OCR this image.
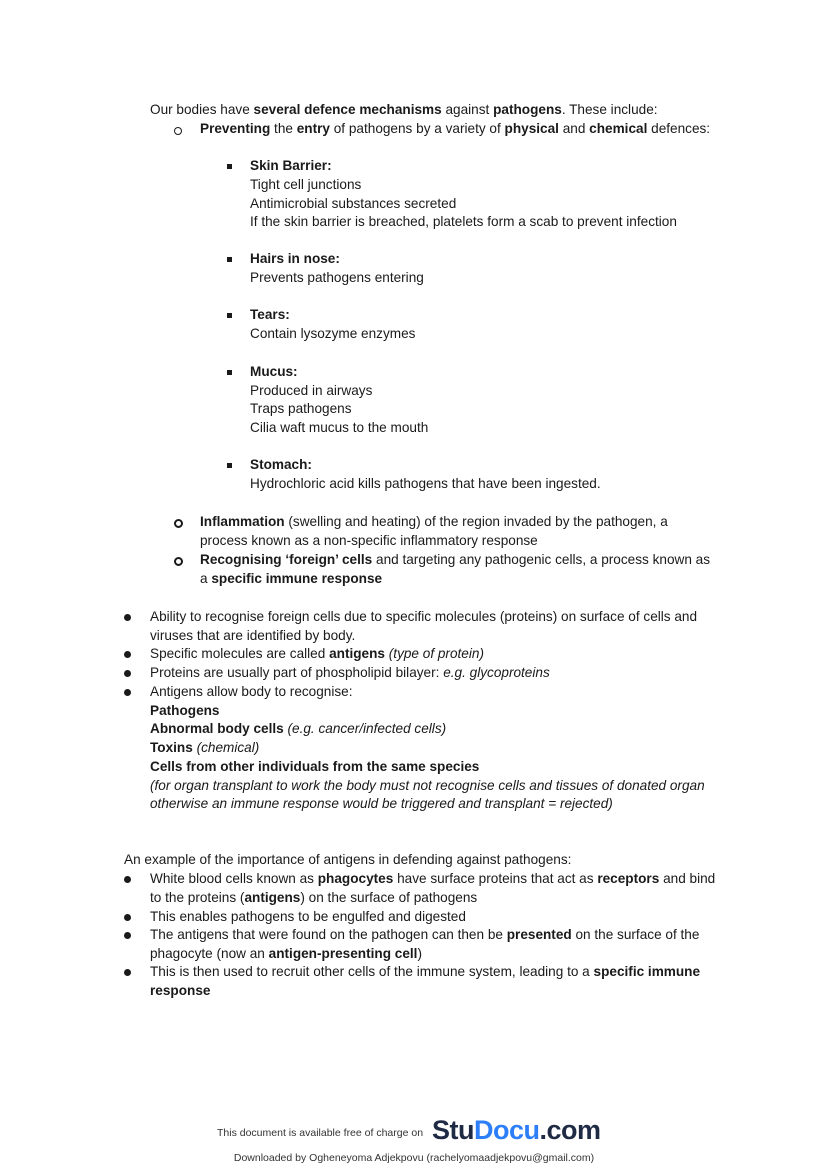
Our bodies have several defence mechanisms against pathogens. These include:
Preventing the entry of pathogens by a variety of physical and chemical defences:
Skin Barrier:
Tight cell junctions
Antimicrobial substances secreted
If the skin barrier is breached, platelets form a scab to prevent infection
Hairs in nose:
Prevents pathogens entering
Tears:
Contain lysozyme enzymes
Mucus:
Produced in airways
Traps pathogens
Cilia waft mucus to the mouth
Stomach:
Hydrochloric acid kills pathogens that have been ingested.
Inflammation (swelling and heating) of the region invaded by the pathogen, a
process known as a non-specific inflammatory response
Recognising ‘foreign’ cells and targeting any pathogenic cells, a process known as
a specific immune response
Ability to recognise foreign cells due to specific molecules (proteins) on surface of cells and
viruses that are identified by body.
Specific molecules are called antigens (type of protein)
Proteins are usually part of phospholipid bilayer: e.g. glycoproteins
Antigens allow body to recognise:
Pathogens
Abnormal body cells (e.g. cancer/infected cells)
Toxins (chemical)
Cells from other individuals from the same species
(for organ transplant to work the body must not recognise cells and tissues of donated organ
otherwise an immune response would be triggered and transplant = rejected)
An example of the importance of antigens in defending against pathogens:
White blood cells known as phagocytes have surface proteins that act as receptors and bind
to the proteins (antigens) on the surface of pathogens
This enables pathogens to be engulfed and digested
The antigens that were found on the pathogen can then be presented on the surface of the
phagocyte (now an antigen-presenting cell)
This is then used to recruit other cells of the immune system, leading to a specific immune
response
This document is available free of charge on StuDocu.com
Downloaded by Ogheneyoma Adjekpovu (rachelyomaadjekpovu@gmail.com)
